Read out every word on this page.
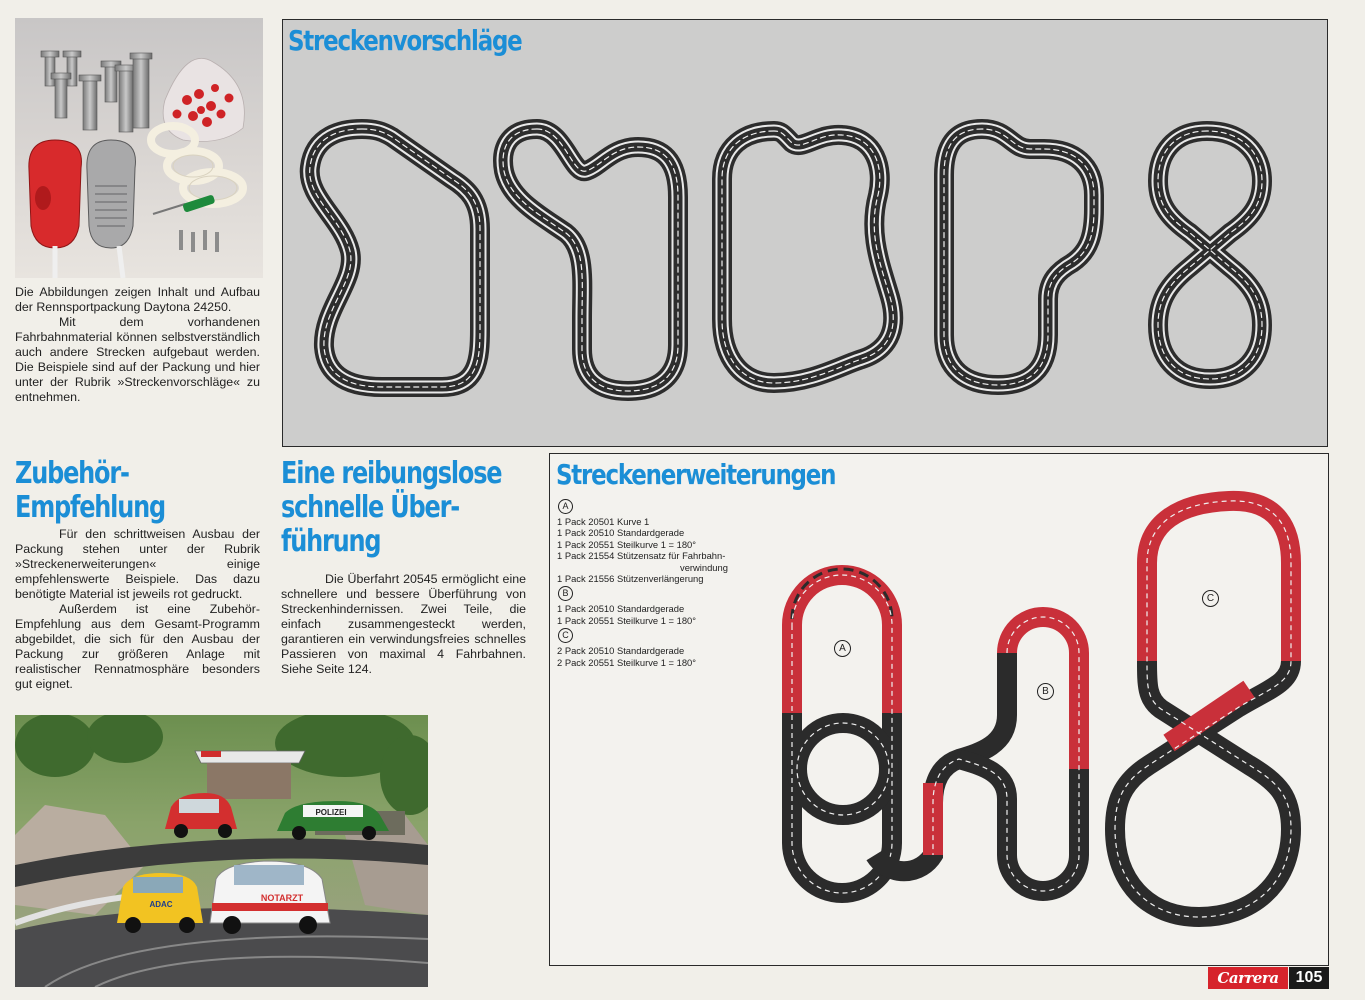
Die Abbildungen zeigen Inhalt und Aufbau der Rennsportpackung Daytona 24250.

Mit dem vorhandenen Fahrbahnmaterial können selbstverständlich auch andere Strecken aufgebaut werden. Die Beispiele sind auf der Packung und hier unter der Rubrik »Streckenvorschläge« zu entnehmen.

Streckenvorschläge
Zubehör-
Empfehlung

Für den schrittweisen Ausbau der Packung stehen unter der Rubrik »Streckenerweiterungen« einige empfehlenswerte Beispiele. Das dazu benötigte Material ist jeweils rot gedruckt.

Außerdem ist eine Zubehör-Empfehlung aus dem Gesamt-Programm abgebildet, die sich für den Ausbau der Packung zur größeren Anlage mit realistischer Rennatmosphäre besonders gut eignet.

Eine reibungslose
schnelle Über-
führung

Die Überfahrt 20545 ermöglicht eine schnellere und bessere Überführung von Streckenhindernissen. Zwei Teile, die einfach zusammengesteckt werden, garantieren ein verwindungsfreies schnelles Passieren von maximal 4 Fahrbahnen. Siehe Seite 124.

POLIZEI
NOTARZT
ADAC
Streckenerweiterungen
A
1 Pack 20501 Kurve 1
1 Pack 20510 Standardgerade
1 Pack 20551 Steilkurve 1 = 180°
1 Pack 21554 Stützensatz für Fahrbahn-
verwindung
1 Pack 21556 Stützenverlängerung
B
1 Pack 20510 Standardgerade
1 Pack 20551 Steilkurve 1 = 180°
C
2 Pack 20510 Standardgerade
2 Pack 20551 Steilkurve 1 = 180°
A
B
C
Carrera	105
